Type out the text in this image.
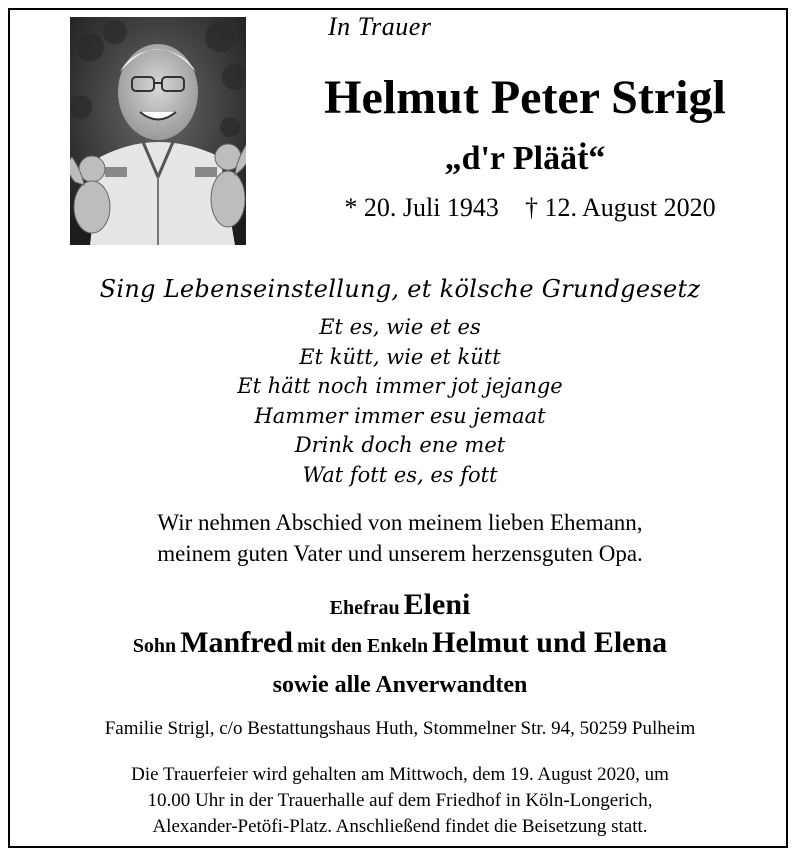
In Trauer
Helmut Peter Strigl
„d'r Plääṫ“
* 20. Juli 1943 † 12. August 2020
Sing Lebenseinstellung, et kölsche Grundgesetz
Et es, wie et es
Et kütt, wie et kütt
Et hätt noch immer jot jejange
Hammer immer esu jemaat
Drink doch ene met
Wat fott es, es fott
Wir nehmen Abschied von meinem lieben Ehemann,
meinem guten Vater und unserem herzensguten Opa.
Ehefrau Eleni
Sohn Manfred mit den Enkeln Helmut und Elena
sowie alle Anverwandten
Familie Strigl, c/o Bestattungshaus Huth, Stommelner Str. 94, 50259 Pulheim
Die Trauerfeier wird gehalten am Mittwoch, dem 19. August 2020, um
10.00 Uhr in der Trauerhalle auf dem Friedhof in Köln-Longerich,
Alexander-Petöfi-Platz. Anschließend findet die Beisetzung statt.
